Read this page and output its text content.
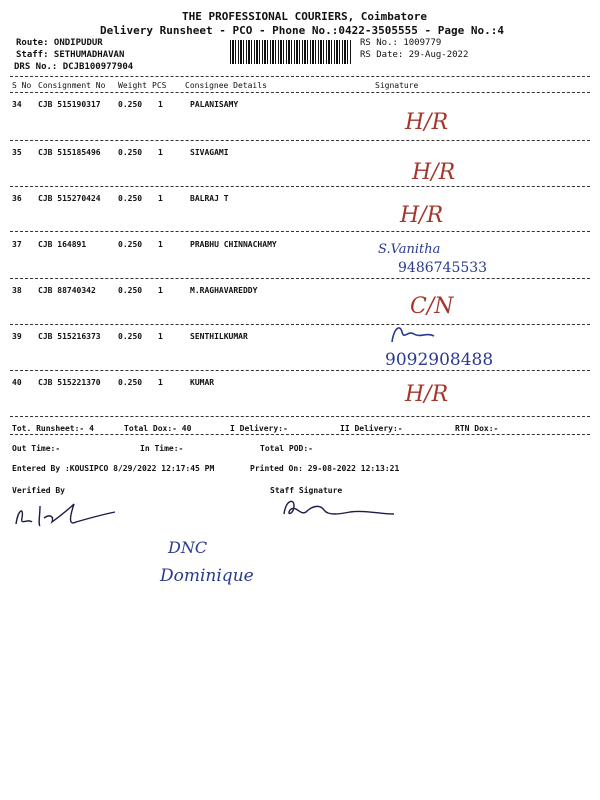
THE PROFESSIONAL COURIERS, Coimbatore
Delivery Runsheet - PCO - Phone No.:0422-3505555 - Page No.:4
Route: ONDIPUDUR
Staff: SETHUMADHAVAN
DRS No.: DCJB100977904
RS No.: 1009779
RS Date: 29-Aug-2022
S No Consignment No Weight PCS Consignee Details	Signature
34 CJB 515190317 0.250 1	PALANISAMY
H/R
35 CJB 515185496 0.250 1	SIVAGAMI
H/R
36 CJB 515270424 0.250 1	BALRAJ T
H/R
37 CJB 164891	0.250 1	PRABHU CHINNACHAMY	S.Vanitha
9486745533
38 CJB 88740342	0.250 1	M.RAGHAVAREDDY
C/N
39 CJB 515216373 0.250 1	SENTHILKUMAR
9092908488
40 CJB 515221370 0.250 1	KUMAR	H/R
Tot. Runsheet:- 4	Total Dox:- 40	I Delivery:-	II Delivery:-	RTN Dox:-
Out Time:-	In Time:-	Total POD:-
Entered By :KOUSIPCO 8/29/2022 12:17:45 PM	Printed On: 29-08-2022 12:13:21
Verified By	Staff Signature
DNC
Dominique
